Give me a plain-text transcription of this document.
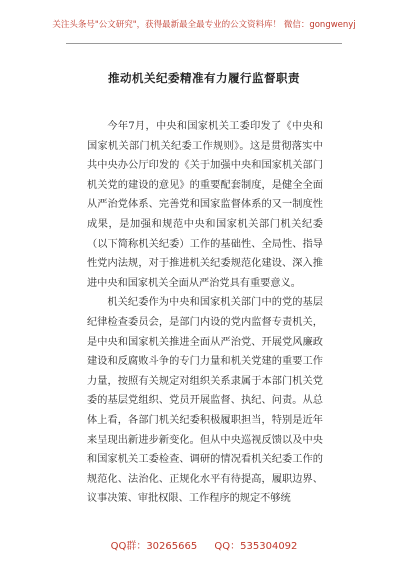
关注头条号"公文研究"，获得最新最全最专业的公文资料库！ 微信：gongwenyj
推动机关纪委精准有力履行监督职责

今年7月，中央和国家机关工委印发了《中央和国家机关部门机关纪委工作规则》。这是贯彻落实中共中央办公厅印发的《关于加强中央和国家机关部门机关党的建设的意见》的重要配套制度，是健全全面从严治党体系、完善党和国家监督体系的又一制度性成果，是加强和规范中央和国家机关部门机关纪委（以下简称机关纪委）工作的基础性、全局性、指导性党内法规，对于推进机关纪委规范化建设、深入推进中央和国家机关全面从严治党具有重要意义。

机关纪委作为中央和国家机关部门中的党的基层纪律检查委员会，是部门内设的党内监督专责机关，是中央和国家机关推进全面从严治党、开展党风廉政建设和反腐败斗争的专门力量和机关党建的重要工作力量，按照有关规定对组织关系隶属于本部门机关党委的基层党组织、党员开展监督、执纪、问责。从总体上看，各部门机关纪委积极履职担当，特别是近年来呈现出新进步新变化。但从中央巡视反馈以及中央和国家机关工委检查、调研的情况看机关纪委工作的规范化、法治化、正规化水平有待提高，履职边界、议事决策、审批权限、工作程序的规定不够统

QQ群：30265665 QQ：535304092
